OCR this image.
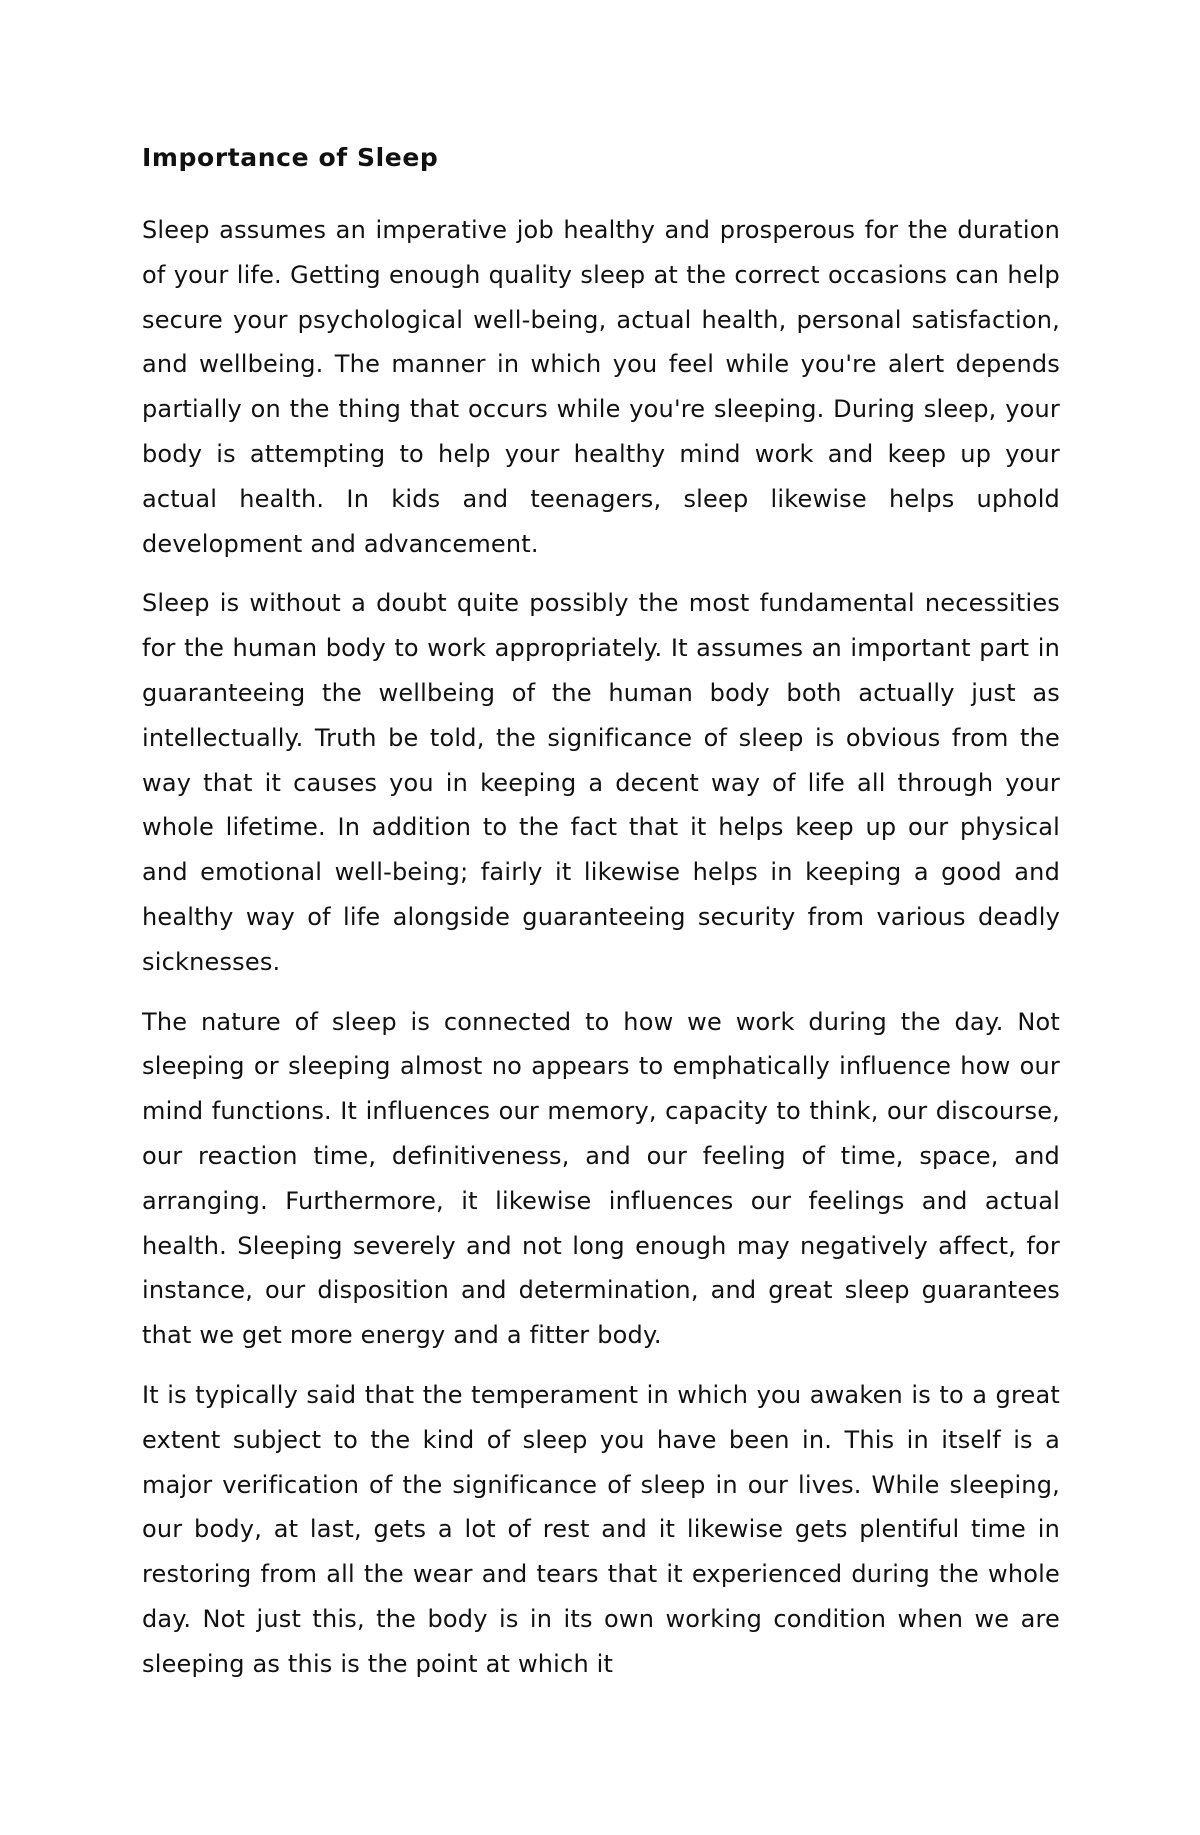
Importance of Sleep

Sleep assumes an imperative job healthy and prosperous for the duration of your life. Getting enough quality sleep at the correct occasions can help secure your psychological well-being, actual health, personal satisfaction, and wellbeing. The manner in which you feel while you're alert depends partially on the thing that occurs while you're sleeping. During sleep, your body is attempting to help your healthy mind work and keep up your actual health. In kids and teenagers, sleep likewise helps uphold development and advancement.

Sleep is without a doubt quite possibly the most fundamental necessities for the human body to work appropriately. It assumes an important part in guaranteeing the wellbeing of the human body both actually just as intellectually. Truth be told, the significance of sleep is obvious from the way that it causes you in keeping a decent way of life all through your whole lifetime. In addition to the fact that it helps keep up our physical and emotional well-being; fairly it likewise helps in keeping a good and healthy way of life alongside guaranteeing security from various deadly sicknesses.

The nature of sleep is connected to how we work during the day. Not sleeping or sleeping almost no appears to emphatically influence how our mind functions. It influences our memory, capacity to think, our discourse, our reaction time, definitiveness, and our feeling of time, space, and arranging. Furthermore, it likewise influences our feelings and actual health. Sleeping severely and not long enough may negatively affect, for instance, our disposition and determination, and great sleep guarantees that we get more energy and a fitter body.

It is typically said that the temperament in which you awaken is to a great extent subject to the kind of sleep you have been in. This in itself is a major verification of the significance of sleep in our lives. While sleeping, our body, at last, gets a lot of rest and it likewise gets plentiful time in restoring from all the wear and tears that it experienced during the whole day. Not just this, the body is in its own working condition when we are sleeping as this is the point at which it
